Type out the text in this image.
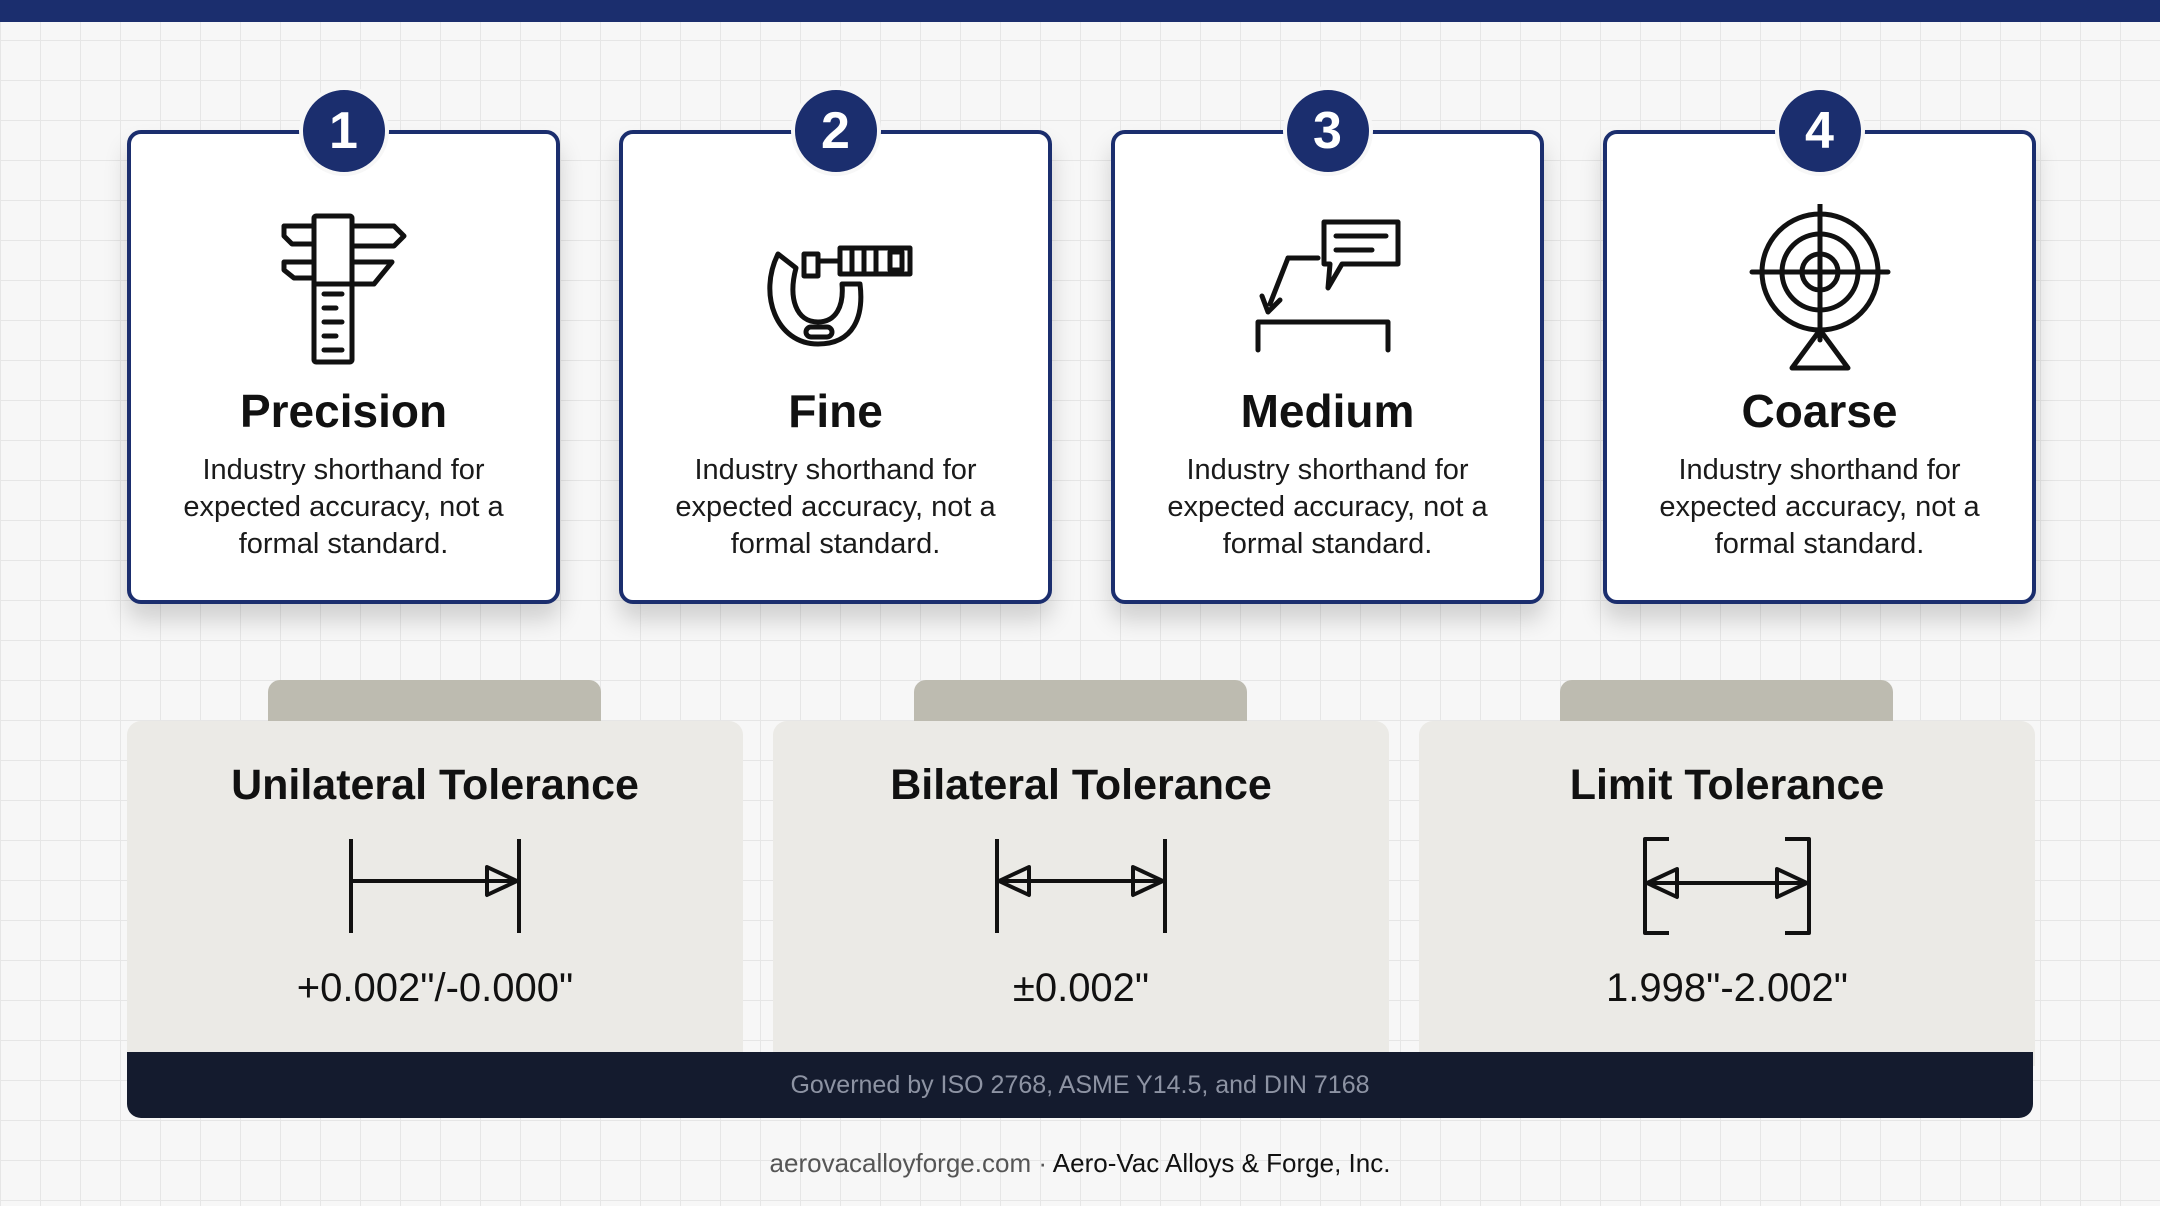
1
Precision
Industry shorthand for expected accuracy, not a formal standard.
2
Fine
Industry shorthand for expected accuracy, not a formal standard.
3
Medium
Industry shorthand for expected accuracy, not a formal standard.
4
Coarse
Industry shorthand for expected accuracy, not a formal standard.
Unilateral Tolerance
+0.002"/-0.000"
Bilateral Tolerance
±0.002"
Limit Tolerance
1.998"-2.002"
Governed by ISO 2768, ASME Y14.5, and DIN 7168
aerovacalloyforge.com · Aero-Vac Alloys & Forge, Inc.
